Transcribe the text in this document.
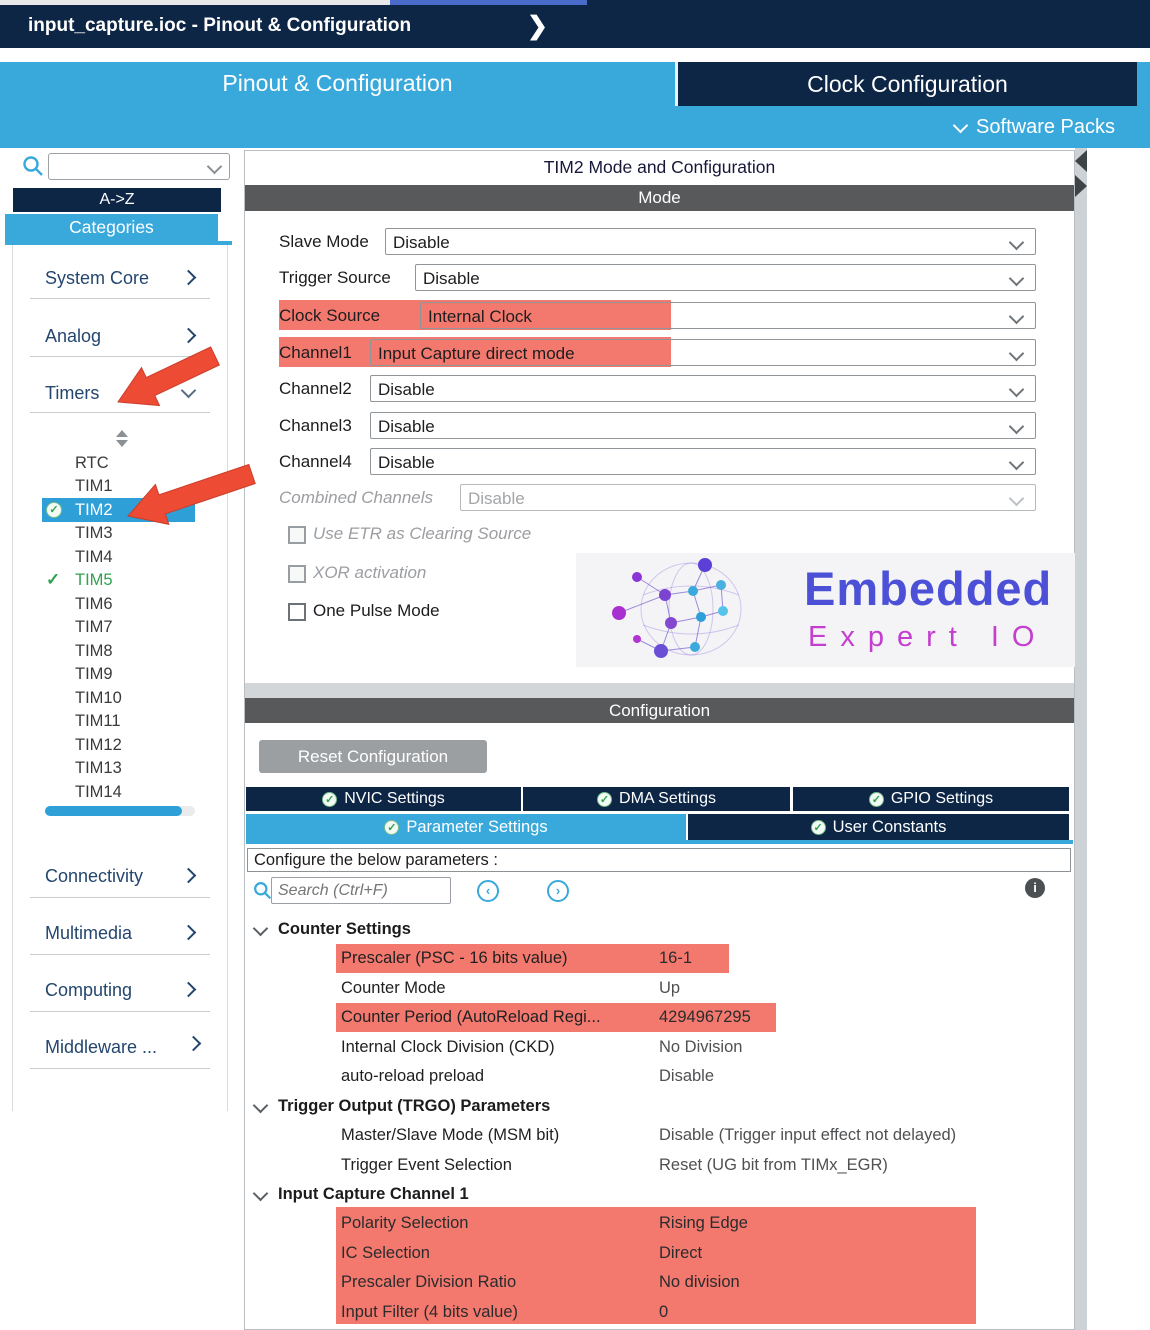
input_capture.ioc - Pinout & Configuration	❯
Pinout & Configuration	Clock Configuration
Software Packs
A->Z
Categories
System Core
Analog
Timers
RTC
TIM1
✓ TIM2
TIM3
TIM4
✓ TIM5
TIM6
TIM7
TIM8
TIM9
TIM10
TIM11
TIM12
TIM13
TIM14
Connectivity
Multimedia
Computing
Middleware ...
TIM2 Mode and Configuration
Mode
Slave Mode	Disable
Trigger Source	Disable
Clock Source	Internal Clock
Channel1	Input Capture direct mode
Channel2	Disable
Channel3	Disable
Channel4	Disable
Combined Channels	Disable
Use ETR as Clearing Source
XOR activation
One Pulse Mode	Embedded
Expert IO
Configuration
Reset Configuration
✓ NVIC Settings	✓ DMA Settings	✓ GPIO Settings
✓ Parameter Settings	✓ User Constants
Configure the below parameters :
Search (Ctrl+F)
‹	›	i
Counter Settings
Prescaler (PSC - 16 bits value)	16-1
Counter Mode	Up
Counter Period (AutoReload Regi...	4294967295
Internal Clock Division (CKD)	No Division
auto-reload preload	Disable
Trigger Output (TRGO) Parameters
Master/Slave Mode (MSM bit)	Disable (Trigger input effect not delayed)
Trigger Event Selection	Reset (UG bit from TIMx_EGR)
Input Capture Channel 1
Polarity Selection	Rising Edge
IC Selection	Direct
Prescaler Division Ratio	No division
Input Filter (4 bits value)	0
